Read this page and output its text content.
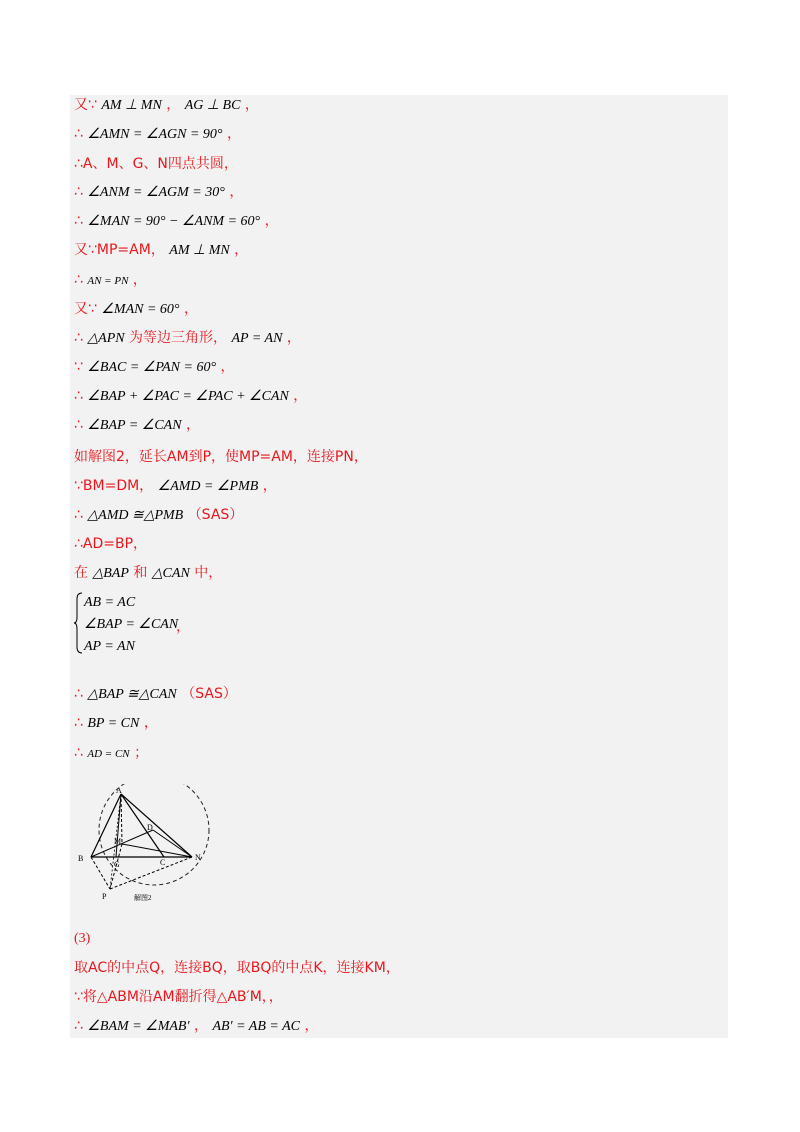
又∵ AM ⊥ MN ， AG ⊥ BC ，
∴ ∠AMN = ∠AGN = 90° ，
∴A、M、G、N四点共圆，
∴ ∠ANM = ∠AGM = 30° ，
∴ ∠MAN = 90° − ∠ANM = 60° ，
又∵MP=AM， AM ⊥ MN ，
∴ AN = PN ，
又∵ ∠MAN = 60° ，
∴ △APN 为等边三角形， AP = AN ，
∵ ∠BAC = ∠PAN = 60° ，
∴ ∠BAP + ∠PAC = ∠PAC + ∠CAN ，
∴ ∠BAP = ∠CAN ，
如解图2，延长AM到P，使MP=AM，连接PN，
∵BM=DM， ∠AMD = ∠PMB ，
∴ △AMD ≅△PMB （SAS）
∴AD=BP，
在 △BAP 和 △CAN 中，
AB = AC
∠BAP = ∠CAN
AP = AN
，
∴ △BAP ≅△CAN （SAS）
∴ BP = CN ，
∴ AD = CN ；
A
B	C
D
M
G
N
P	解图2
(3)
取AC的中点Q，连接BQ，取BQ的中点K，连接KM，
∵将△ABM沿AM翻折得△AB′M，，
∴ ∠BAM = ∠MAB′ ， AB′ = AB = AC ，
